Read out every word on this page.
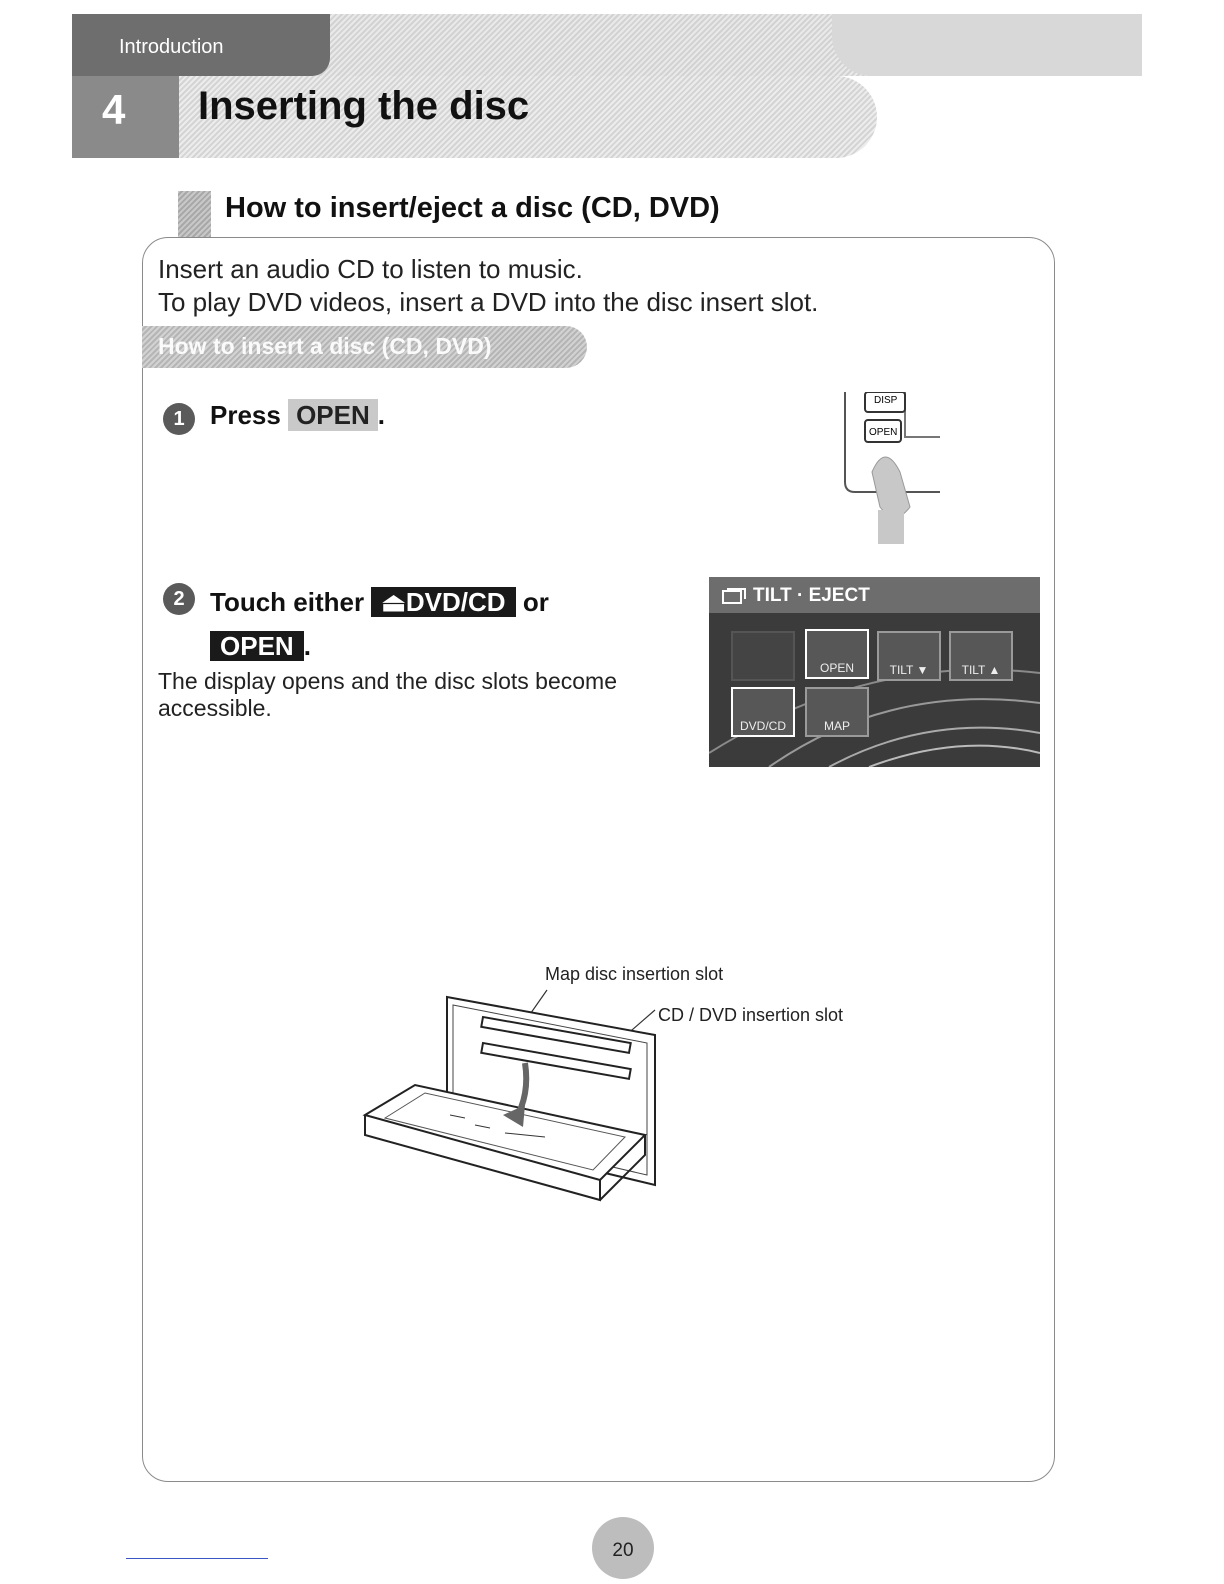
Introduction
4 Inserting the disc
How to insert/eject a disc (CD, DVD)
Insert an audio CD to listen to music.
To play DVD videos, insert a DVD into the disc insert slot.
How to insert a disc (CD, DVD)
1 Press OPEN .	DISP
OPEN
2 Touch either ⏏DVD/CD or
OPEN .
The display opens and the disc slots become accessible.
TILT · EJECT
OPEN	TILT ▼	TILT ▲
DVD/CD	MAP
Map disc insertion slot
CD / DVD insertion slot
20
